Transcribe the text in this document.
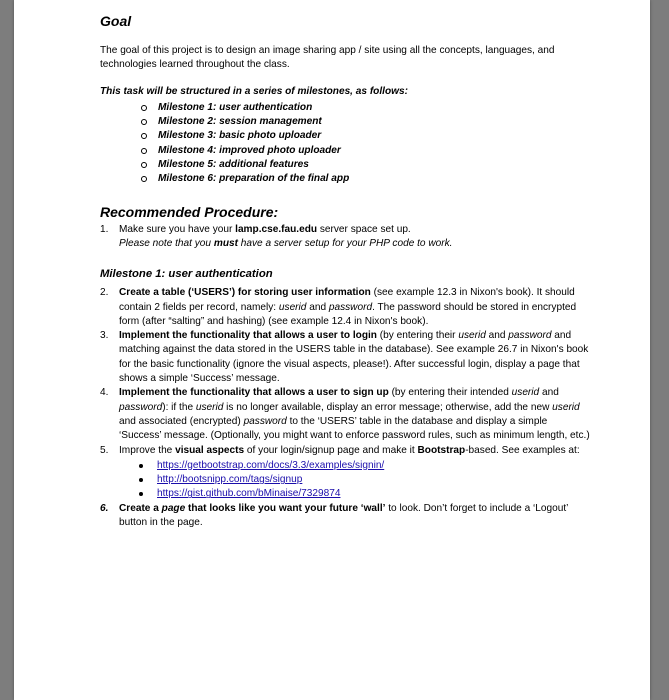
Goal

The goal of this project is to design an image sharing app / site using all the concepts, languages, and technologies learned throughout the class.

This task will be structured in a series of milestones, as follows:

Milestone 1: user authentication
Milestone 2: session management
Milestone 3: basic photo uploader
Milestone 4: improved photo uploader
Milestone 5: additional features
Milestone 6: preparation of the final app
Recommended Procedure:
1. Make sure you have your lamp.cse.fau.edu server space set up.
Please note that you must have a server setup for your PHP code to work.

Milestone 1: user authentication

2. Create a table (‘USERS’) for storing user information (see example 12.3 in Nixon's book). It should contain 2 fields per record, namely: userid and password. The password should be stored in encrypted form (after “salting” and hashing) (see example 12.4 in Nixon's book).
3. Implement the functionality that allows a user to login (by entering their userid and password and matching against the data stored in the USERS table in the database). See example 26.7 in Nixon's book for the basic functionality (ignore the visual aspects, please!). After successful login, display a page that shows a simple ‘Success’ message.
4. Implement the functionality that allows a user to sign up (by entering their intended userid and password): if the userid is no longer available, display an error message; otherwise, add the new userid and associated (encrypted) password to the ‘USERS’ table in the database and display a simple ‘Success’ message. (Optionally, you might want to enforce password rules, such as minimum length, etc.)
5. Improve the visual aspects of your login/signup page and make it Bootstrap-based. See examples at:
https://getbootstrap.com/docs/3.3/examples/signin/
http://bootsnipp.com/tags/signup
https://gist.github.com/bMinaise/7329874
6. Create a page that looks like you want your future ‘wall’ to look. Don’t forget to include a ‘Logout’ button in the page.
